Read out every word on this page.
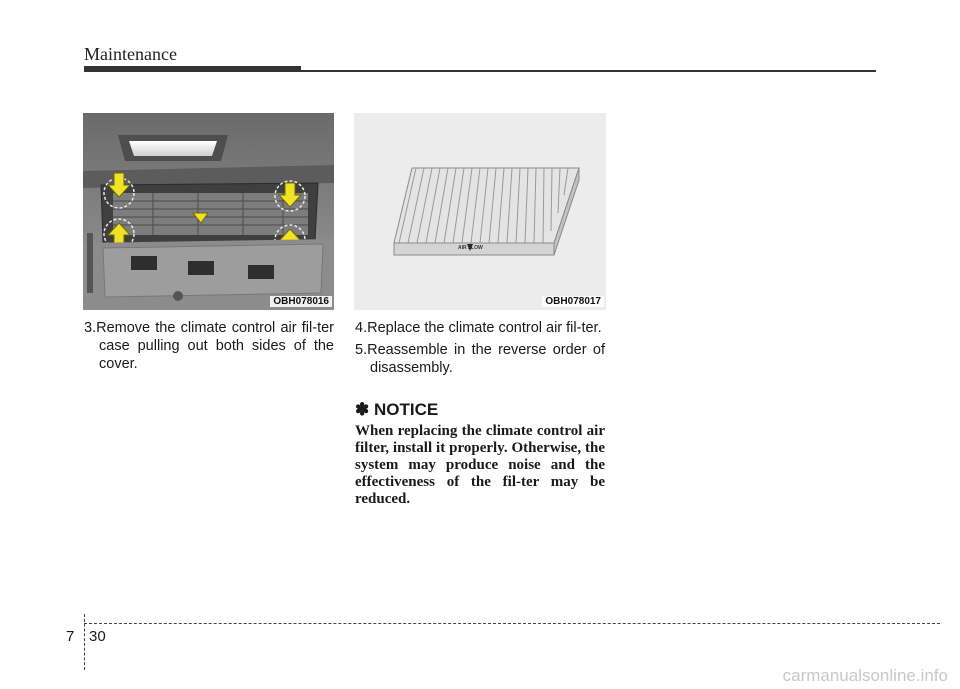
Maintenance
OBH078016
AIR FLOW
OBH078017

3.Remove the climate control air fil-ter case pulling out both sides of the cover.

4.Replace the climate control air fil-ter.

5.Reassemble in the reverse order of disassembly.

✽ NOTICE

When replacing the climate control air filter, install it properly. Otherwise, the system may produce noise and the effectiveness of the fil-ter may be reduced.

7 30
carmanualsonline.info
